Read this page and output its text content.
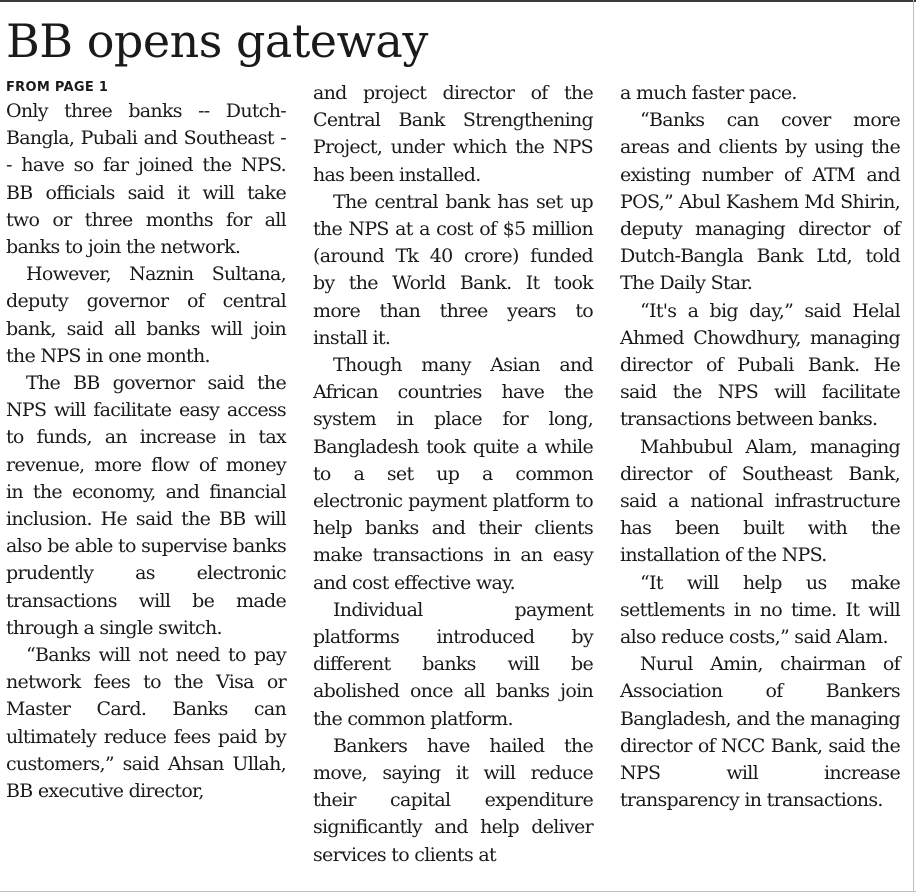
BB opens gateway
FROM PAGE 1

Only three banks -- Dutch-Bangla, Pubali and Southeast -- have so far joined the NPS. BB officials said it will take two or three months for all banks to join the network.

However, Naznin Sultana, deputy governor of central bank, said all banks will join the NPS in one month.

The BB governor said the NPS will facilitate easy access to funds, an increase in tax revenue, more flow of money in the economy, and financial inclusion. He said the BB will also be able to supervise banks prudently as electronic transactions will be made through a single switch.

“Banks will not need to pay network fees to the Visa or Master Card. Banks can ultimately reduce fees paid by customers,” said Ahsan Ullah, BB executive director,

and project director of the Central Bank Strengthening Project, under which the NPS has been installed.

The central bank has set up the NPS at a cost of $5 million (around Tk 40 crore) funded by the World Bank. It took more than three years to install it.

Though many Asian and African countries have the system in place for long, Bangladesh took quite a while to a set up a common electronic payment platform to help banks and their clients make transactions in an easy and cost effective way.

Individual payment platforms introduced by different banks will be abolished once all banks join the common platform.

Bankers have hailed the move, saying it will reduce their capital expenditure significantly and help deliver services to clients at

a much faster pace.

“Banks can cover more areas and clients by using the existing number of ATM and POS,” Abul Kashem Md Shirin, deputy managing director of Dutch-Bangla Bank Ltd, told The Daily Star.

“It's a big day,” said Helal Ahmed Chowdhury, managing director of Pubali Bank. He said the NPS will facilitate transactions between banks.

Mahbubul Alam, managing director of Southeast Bank, said a national infrastructure has been built with the installation of the NPS.

“It will help us make settlements in no time. It will also reduce costs,” said Alam.

Nurul Amin, chairman of Association of Bankers Bangladesh, and the managing director of NCC Bank, said the NPS will increase transparency in transactions.
